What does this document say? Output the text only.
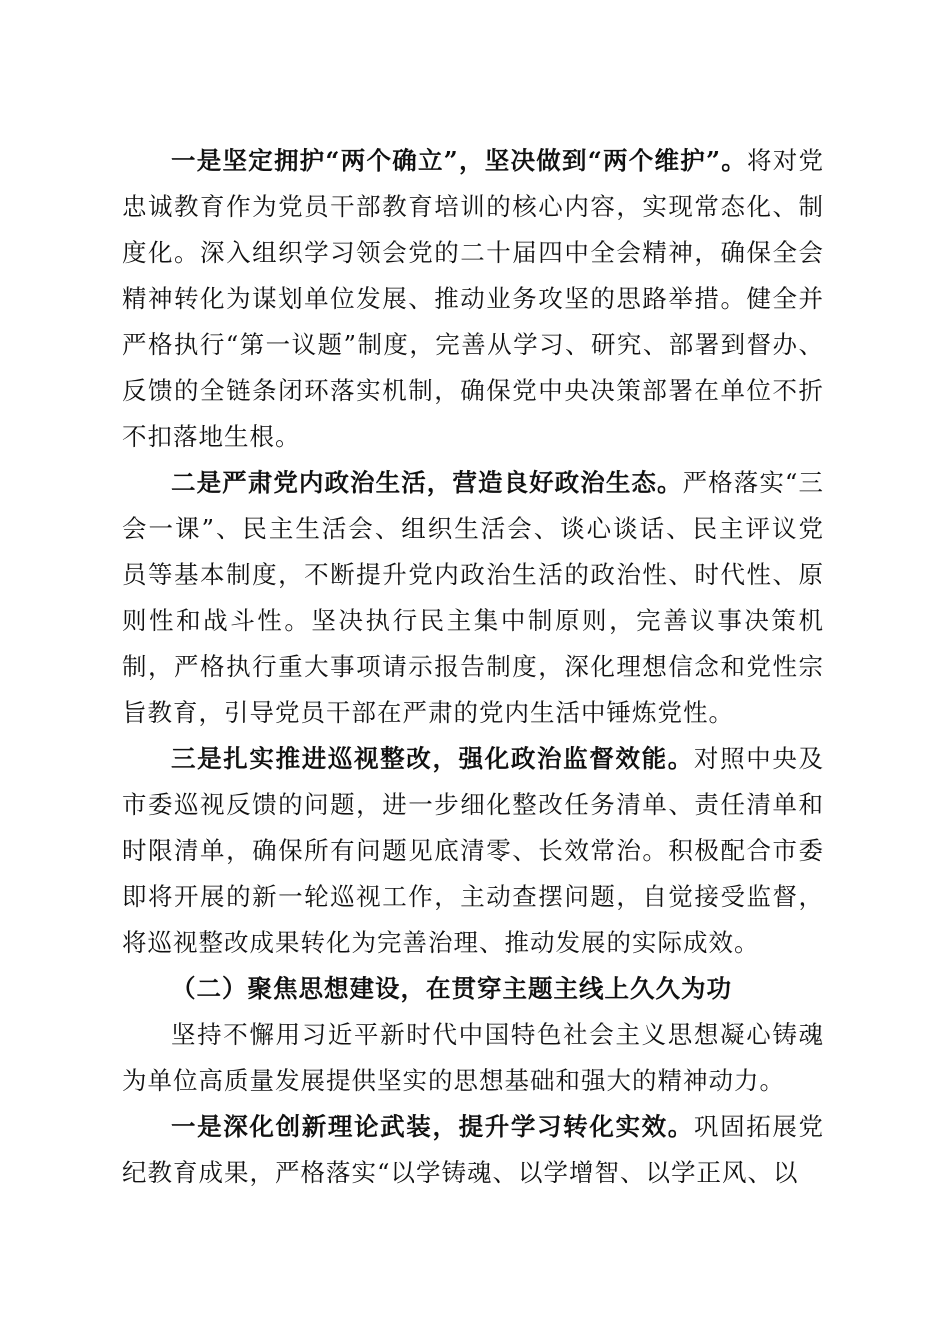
一是坚定拥护“两个确立”，坚决做到“两个维护”。将对党忠诚教育作为党员干部教育培训的核心内容，实现常态化、制度化。深入组织学习领会党的二十届四中全会精神，确保全会精神转化为谋划单位发展、推动业务攻坚的思路举措。健全并严格执行“第一议题”制度，完善从学习、研究、部署到督办、反馈的全链条闭环落实机制，确保党中央决策部署在单位不折不扣落地生根。

二是严肃党内政治生活，营造良好政治生态。严格落实“三会一课”、民主生活会、组织生活会、谈心谈话、民主评议党员等基本制度，不断提升党内政治生活的政治性、时代性、原则性和战斗性。坚决执行民主集中制原则，完善议事决策机制，严格执行重大事项请示报告制度，深化理想信念和党性宗旨教育，引导党员干部在严肃的党内生活中锤炼党性。

三是扎实推进巡视整改，强化政治监督效能。对照中央及市委巡视反馈的问题，进一步细化整改任务清单、责任清单和时限清单，确保所有问题见底清零、长效常治。积极配合市委即将开展的新一轮巡视工作，主动查摆问题，自觉接受监督，将巡视整改成果转化为完善治理、推动发展的实际成效。

（二）聚焦思想建设，在贯穿主题主线上久久为功

坚持不懈用习近平新时代中国特色社会主义思想凝心铸魂为单位高质量发展提供坚实的思想基础和强大的精神动力。

一是深化创新理论武装，提升学习转化实效。巩固拓展党纪教育成果，严格落实“以学铸魂、以学增智、以学正风、以
